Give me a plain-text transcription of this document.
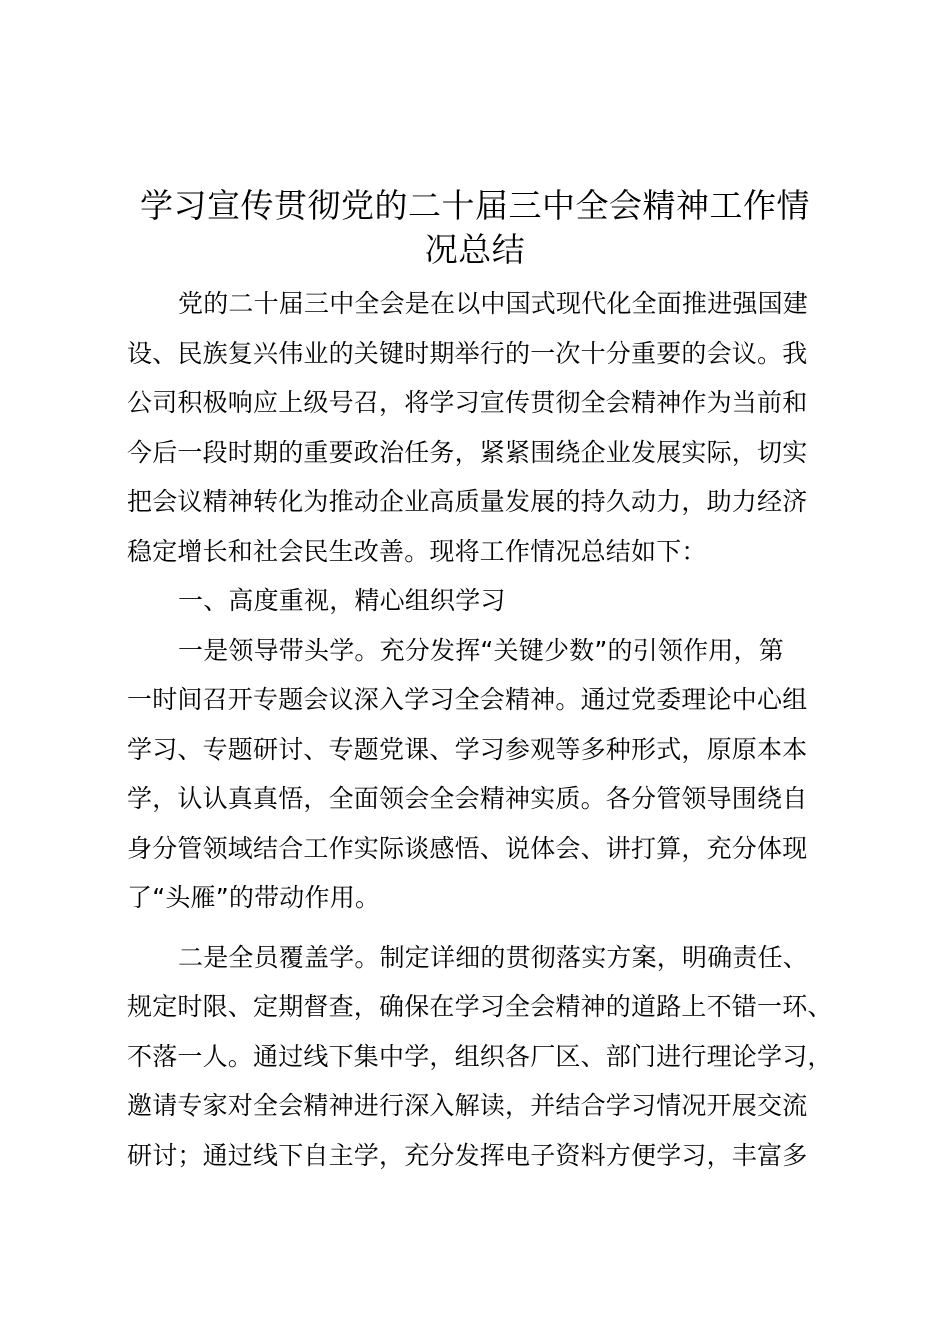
学习宣传贯彻党的二十届三中全会精神工作情
况总结
党的二十届三中全会是在以中国式现代化全面推进强国建
设、民族复兴伟业的关键时期举行的一次十分重要的会议。我
公司积极响应上级号召，将学习宣传贯彻全会精神作为当前和
今后一段时期的重要政治任务，紧紧围绕企业发展实际，切实
把会议精神转化为推动企业高质量发展的持久动力，助力经济
稳定增长和社会民生改善。现将工作情况总结如下：
一、高度重视，精心组织学习
一是领导带头学。充分发挥“关键少数”的引领作用，第
一时间召开专题会议深入学习全会精神。通过党委理论中心组
学习、专题研讨、专题党课、学习参观等多种形式，原原本本
学，认认真真悟，全面领会全会精神实质。各分管领导围绕自
身分管领域结合工作实际谈感悟、说体会、讲打算，充分体现
了“头雁”的带动作用。
二是全员覆盖学。制定详细的贯彻落实方案，明确责任、
规定时限、定期督查，确保在学习全会精神的道路上不错一环、
不落一人。通过线下集中学，组织各厂区、部门进行理论学习，
邀请专家对全会精神进行深入解读，并结合学习情况开展交流
研讨；通过线下自主学，充分发挥电子资料方便学习，丰富多
